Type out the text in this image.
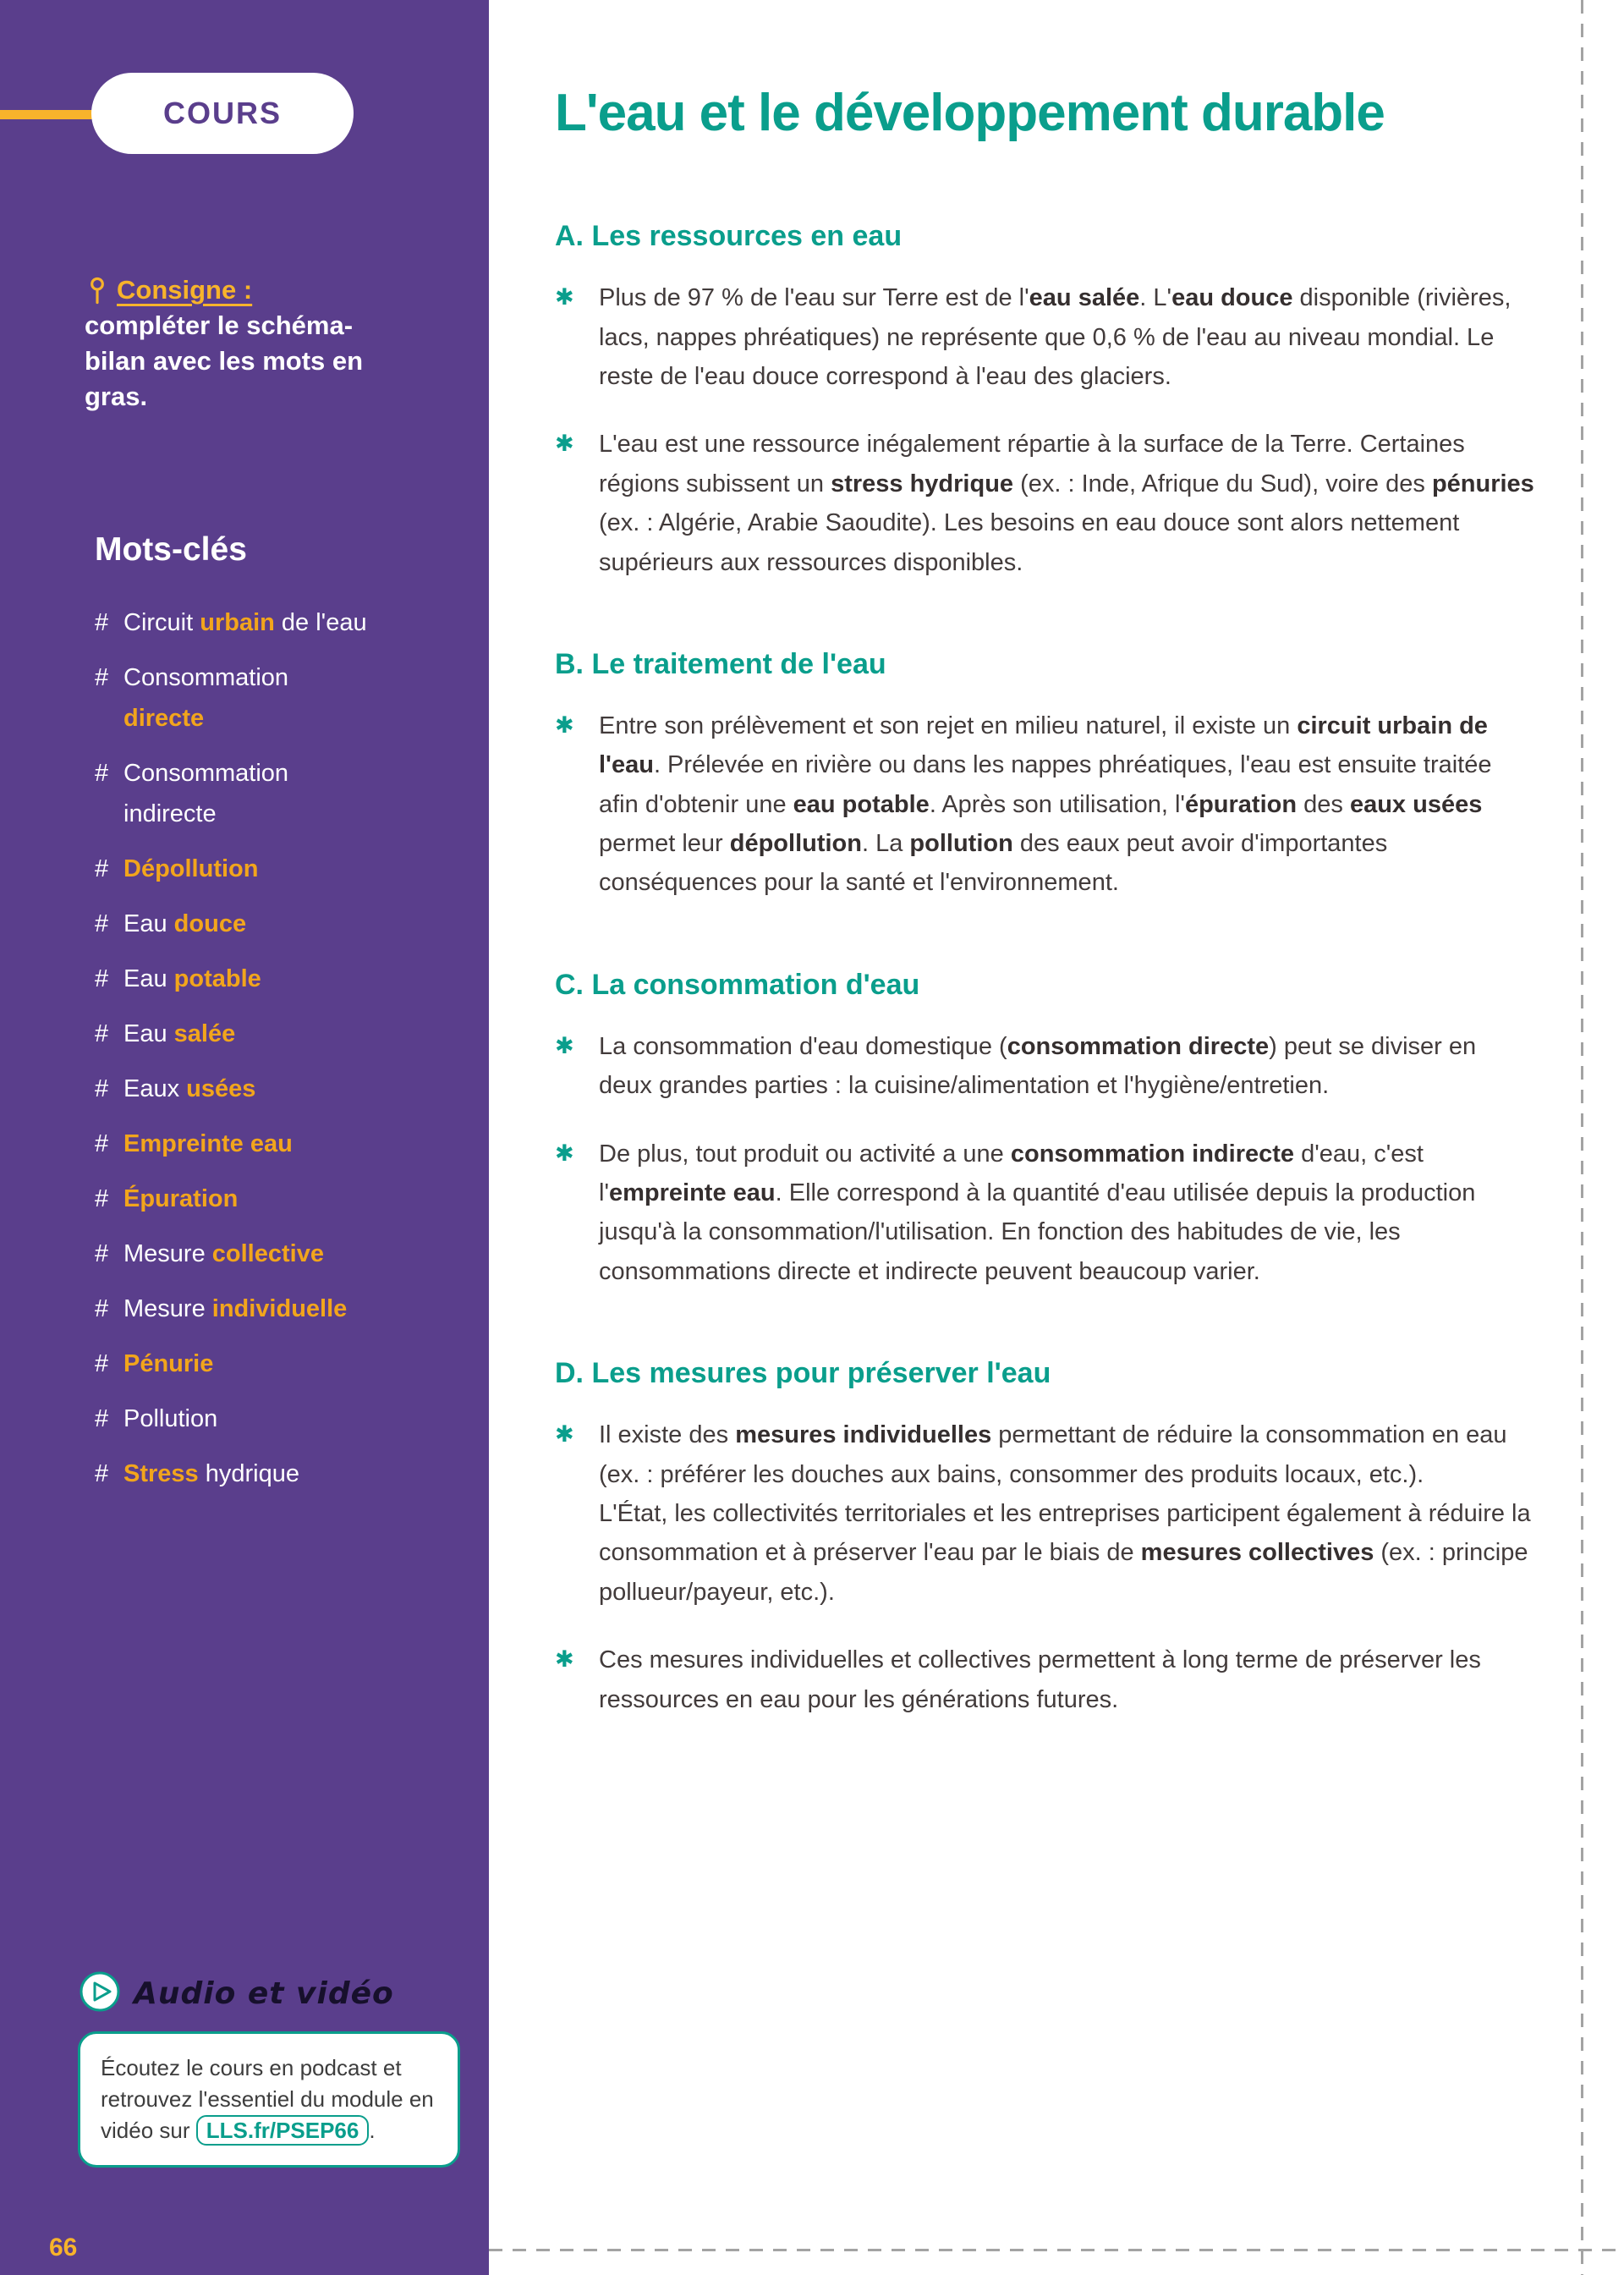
COURS
Consigne :
compléter le schéma-bilan avec les mots en gras.
Mots-clés
# Circuit urbain de l'eau
# Consommation
directe
# Consommation
indirecte
# Dépollution
# Eau douce
# Eau potable
# Eau salée
# Eaux usées
# Empreinte eau
# Épuration
# Mesure collective
# Mesure individuelle
# Pénurie
# Pollution
# Stress hydrique
Audio et vidéo
Écoutez le cours en podcast et retrouvez l'essentiel du module en vidéo sur LLS.fr/PSEP66 .
66
L'eau et le développement durable
A. Les ressources en eau
✱	Plus de 97 % de l'eau sur Terre est de l'eau salée. L'eau douce disponible (rivières, lacs, nappes phréatiques) ne représente que 0,6 % de l'eau au niveau mondial. Le reste de l'eau douce correspond à l'eau des glaciers.

✱	L'eau est une ressource inégalement répartie à la surface de la Terre. Certaines régions subissent un stress hydrique (ex. : Inde, Afrique du Sud), voire des pénuries (ex. : Algérie, Arabie Saoudite). Les besoins en eau douce sont alors nettement supérieurs aux ressources disponibles.

B. Le traitement de l'eau
✱	Entre son prélèvement et son rejet en milieu naturel, il existe un circuit urbain de l'eau. Prélevée en rivière ou dans les nappes phréatiques, l'eau est ensuite traitée afin d'obtenir une eau potable. Après son utilisation, l'épuration des eaux usées permet leur dépollution. La pollution des eaux peut avoir d'importantes conséquences pour la santé et l'environnement.

C. La consommation d'eau
✱	La consommation d'eau domestique (consommation directe) peut se diviser en deux grandes parties : la cuisine/alimentation et l'hygiène/entretien.

✱	De plus, tout produit ou activité a une consommation indirecte d'eau, c'est l'empreinte eau. Elle correspond à la quantité d'eau utilisée depuis la production jusqu'à la consommation/l'utilisation. En fonction des habitudes de vie, les consommations directe et indirecte peuvent beaucoup varier.

D. Les mesures pour préserver l'eau
✱	Il existe des mesures individuelles permettant de réduire la consommation en eau (ex. : préférer les douches aux bains, consommer des produits locaux, etc.).
L'État, les collectivités territoriales et les entreprises participent également à réduire la consommation et à préserver l'eau par le biais de mesures collectives (ex. : principe pollueur/payeur, etc.).

✱	Ces mesures individuelles et collectives permettent à long terme de préserver les ressources en eau pour les générations futures.
